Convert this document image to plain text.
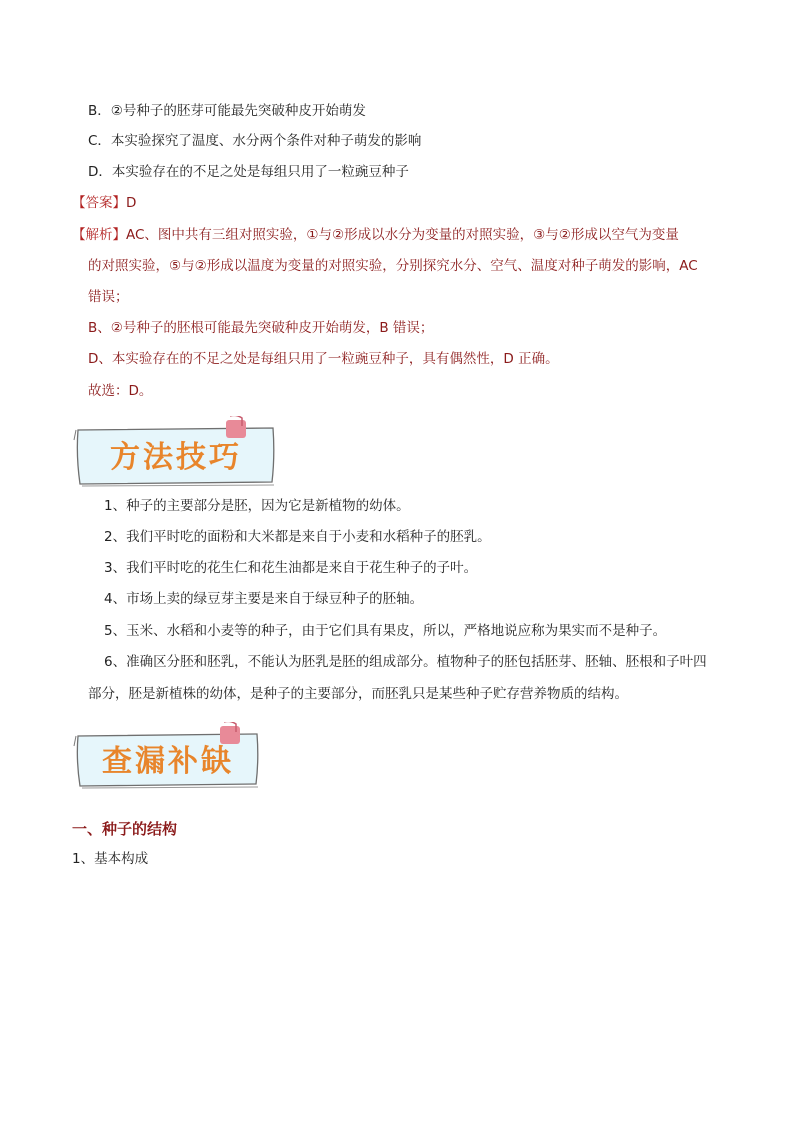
B．②号种子的胚芽可能最先突破种皮开始萌发
C．本实验探究了温度、水分两个条件对种子萌发的影响
D．本实验存在的不足之处是每组只用了一粒豌豆种子
【答案】D
【解析】AC、图中共有三组对照实验，①与②形成以水分为变量的对照实验，③与②形成以空气为变量
的对照实验，⑤与②形成以温度为变量的对照实验，分别探究水分、空气、温度对种子萌发的影响，AC
错误；
B、②号种子的胚根可能最先突破种皮开始萌发，B 错误；
D、本实验存在的不足之处是每组只用了一粒豌豆种子，具有偶然性，D 正确。
故选：D。
方法技巧
1、种子的主要部分是胚，因为它是新植物的幼体。
2、我们平时吃的面粉和大米都是来自于小麦和水稻种子的胚乳。
3、我们平时吃的花生仁和花生油都是来自于花生种子的子叶。
4、市场上卖的绿豆芽主要是来自于绿豆种子的胚轴。
5、玉米、水稻和小麦等的种子，由于它们具有果皮，所以，严格地说应称为果实而不是种子。
6、准确区分胚和胚乳，不能认为胚乳是胚的组成部分。植物种子的胚包括胚芽、胚轴、胚根和子叶四
部分，胚是新植株的幼体，是种子的主要部分，而胚乳只是某些种子贮存营养物质的结构。
查漏补缺
一、种子的结构
1、基本构成
